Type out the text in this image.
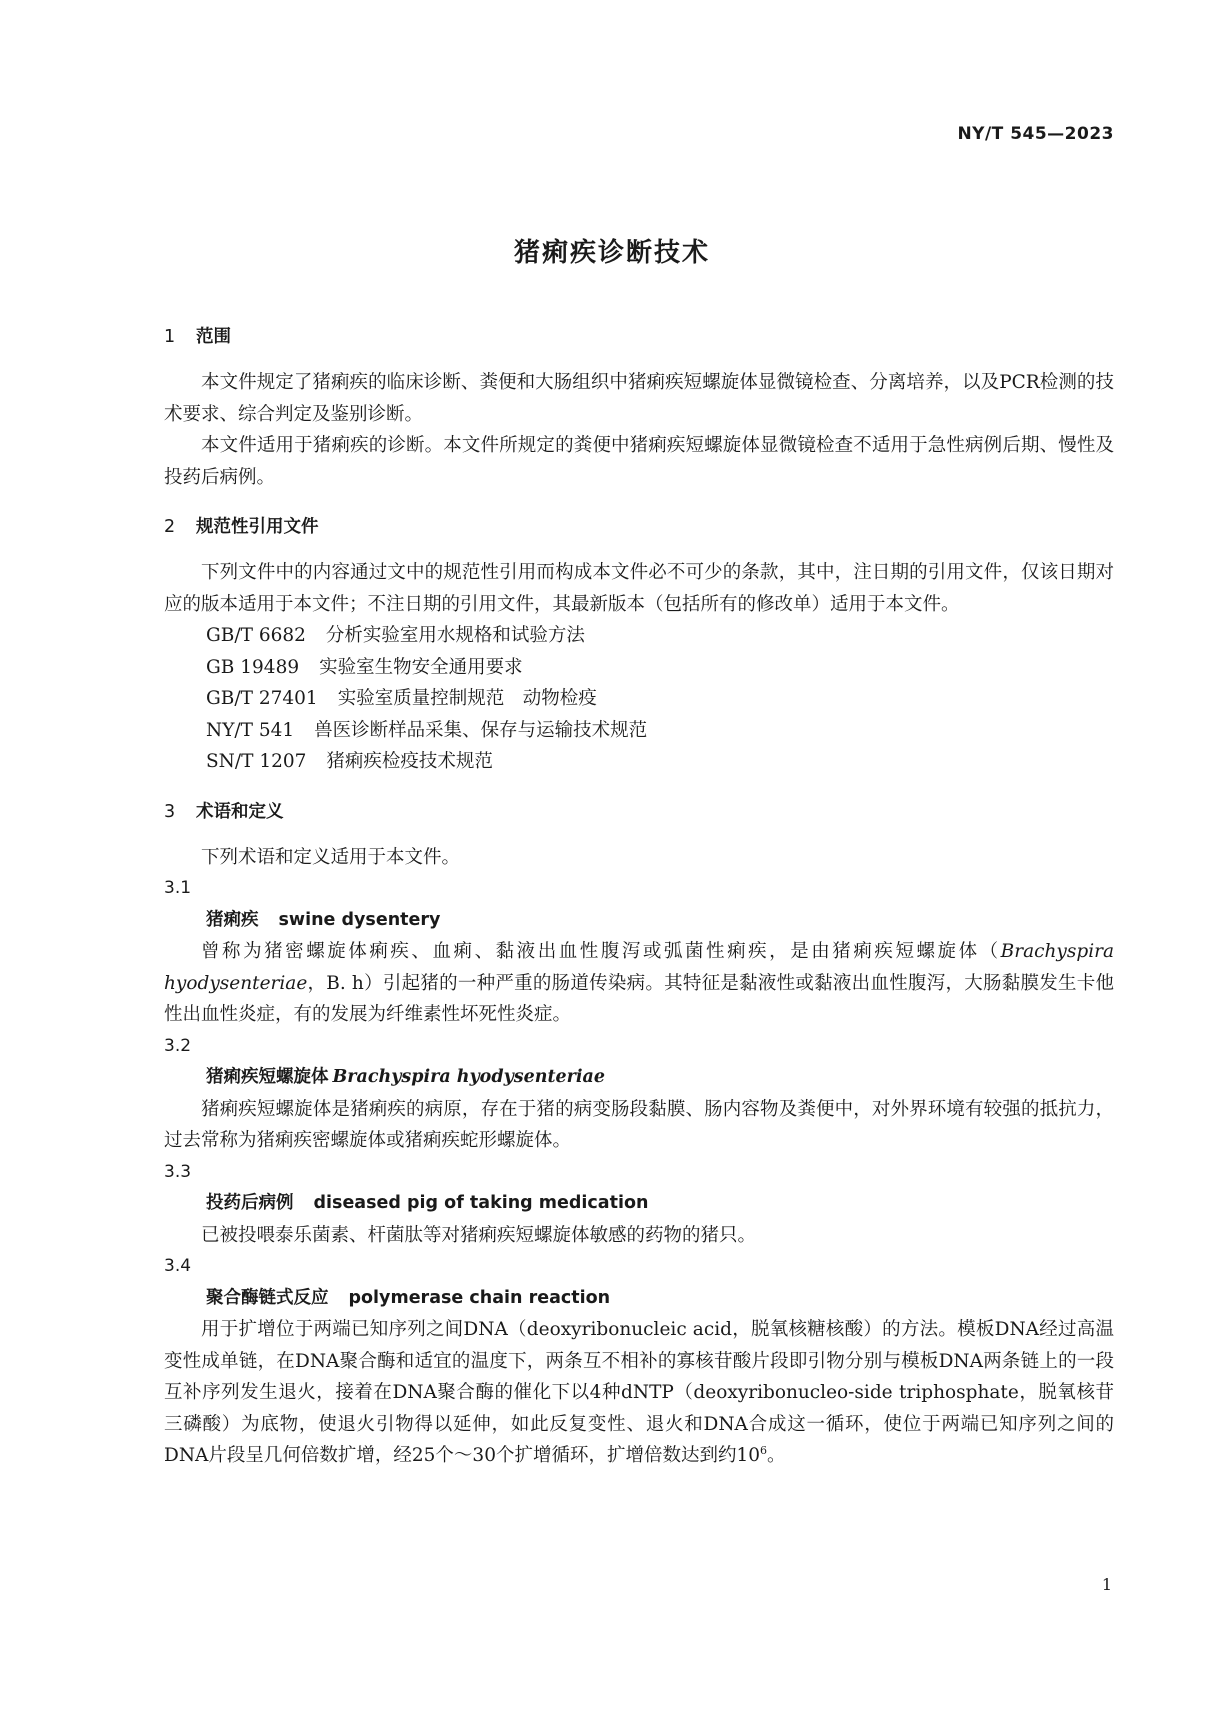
NY/T 545—2023
猪痢疾诊断技术
1 范围

本文件规定了猪痢疾的临床诊断、粪便和大肠组织中猪痢疾短螺旋体显微镜检查、分离培养，以及PCR检测的技术要求、综合判定及鉴别诊断。

本文件适用于猪痢疾的诊断。本文件所规定的粪便中猪痢疾短螺旋体显微镜检查不适用于急性病例后期、慢性及投药后病例。

2 规范性引用文件

下列文件中的内容通过文中的规范性引用而构成本文件必不可少的条款，其中，注日期的引用文件，仅该日期对应的版本适用于本文件；不注日期的引用文件，其最新版本（包括所有的修改单）适用于本文件。

GB/T 6682 分析实验室用水规格和试验方法
GB 19489 实验室生物安全通用要求
GB/T 27401 实验室质量控制规范　动物检疫
NY/T 541 兽医诊断样品采集、保存与运输技术规范
SN/T 1207 猪痢疾检疫技术规范
3 术语和定义

下列术语和定义适用于本文件。

3.1
猪痢疾 swine dysentery

曾称为猪密螺旋体痢疾、血痢、黏液出血性腹泻或弧菌性痢疾，是由猪痢疾短螺旋体（Brachyspira hyodysenteriae，B. h）引起猪的一种严重的肠道传染病。其特征是黏液性或黏液出血性腹泻，大肠黏膜发生卡他性出血性炎症，有的发展为纤维素性坏死性炎症。

3.2
猪痢疾短螺旋体 Brachyspira hyodysenteriae

猪痢疾短螺旋体是猪痢疾的病原，存在于猪的病变肠段黏膜、肠内容物及粪便中，对外界环境有较强的抵抗力，过去常称为猪痢疾密螺旋体或猪痢疾蛇形螺旋体。

3.3
投药后病例 diseased pig of taking medication

已被投喂泰乐菌素、杆菌肽等对猪痢疾短螺旋体敏感的药物的猪只。

3.4
聚合酶链式反应 polymerase chain reaction

用于扩增位于两端已知序列之间DNA（deoxyribonucleic acid，脱氧核糖核酸）的方法。模板DNA经过高温变性成单链，在DNA聚合酶和适宜的温度下，两条互不相补的寡核苷酸片段即引物分别与模板DNA两条链上的一段互补序列发生退火，接着在DNA聚合酶的催化下以4种dNTP（deoxyribonucleo-side triphosphate，脱氧核苷三磷酸）为底物，使退火引物得以延伸，如此反复变性、退火和DNA合成这一循环，使位于两端已知序列之间的DNA片段呈几何倍数扩增，经25个～30个扩增循环，扩增倍数达到约$10^6$。

1
